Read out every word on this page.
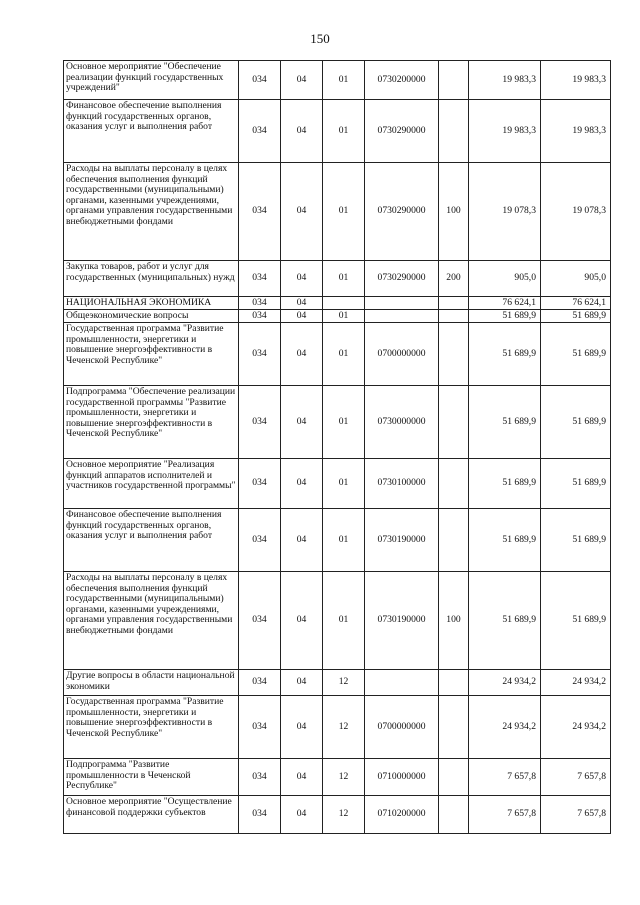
150
Основное мероприятие "Обеспечение реализации функций государственных учреждений"	034	04	01	0730200000		19 983,3	19 983,3
Финансовое обеспечение выполнения функций государственных органов, оказания услуг и выполнения работ	034	04	01	0730290000		19 983,3	19 983,3
Расходы на выплаты персоналу в целях обеспечения выполнения функций государственными (муниципальными) органами, казенными учреждениями, органами управления государственными внебюджетными фондами	034	04	01	0730290000	100	19 078,3	19 078,3
Закупка товаров, работ и услуг для государственных (муниципальных) нужд	034	04	01	0730290000	200	905,0	905,0
НАЦИОНАЛЬНАЯ ЭКОНОМИКА	034	04				76 624,1	76 624,1
Общеэкономические вопросы	034	04	01			51 689,9	51 689,9
Государственная программа "Развитие промышленности, энергетики и повышение энергоэффективности в Чеченской Республике"	034	04	01	0700000000		51 689,9	51 689,9
Подпрограмма "Обеспечение реализации государственной программы "Развитие промышленности, энергетики и повышение энергоэффективности в Чеченской Республике"	034	04	01	0730000000		51 689,9	51 689,9
Основное мероприятие "Реализация функций аппаратов исполнителей и участников государственной программы"	034	04	01	0730100000		51 689,9	51 689,9
Финансовое обеспечение выполнения функций государственных органов, оказания услуг и выполнения работ	034	04	01	0730190000		51 689,9	51 689,9
Расходы на выплаты персоналу в целях обеспечения выполнения функций государственными (муниципальными) органами, казенными учреждениями, органами управления государственными внебюджетными фондами	034	04	01	0730190000	100	51 689,9	51 689,9
Другие вопросы в области национальной экономики	034	04	12			24 934,2	24 934,2
Государственная программа "Развитие промышленности, энергетики и повышение энергоэффективности в Чеченской Республике"	034	04	12	0700000000		24 934,2	24 934,2
Подпрограмма "Развитие промышленности в Чеченской Республике"	034	04	12	0710000000		7 657,8	7 657,8
Основное мероприятие "Осуществление финансовой поддержки субъектов	034	04	12	0710200000		7 657,8	7 657,8
